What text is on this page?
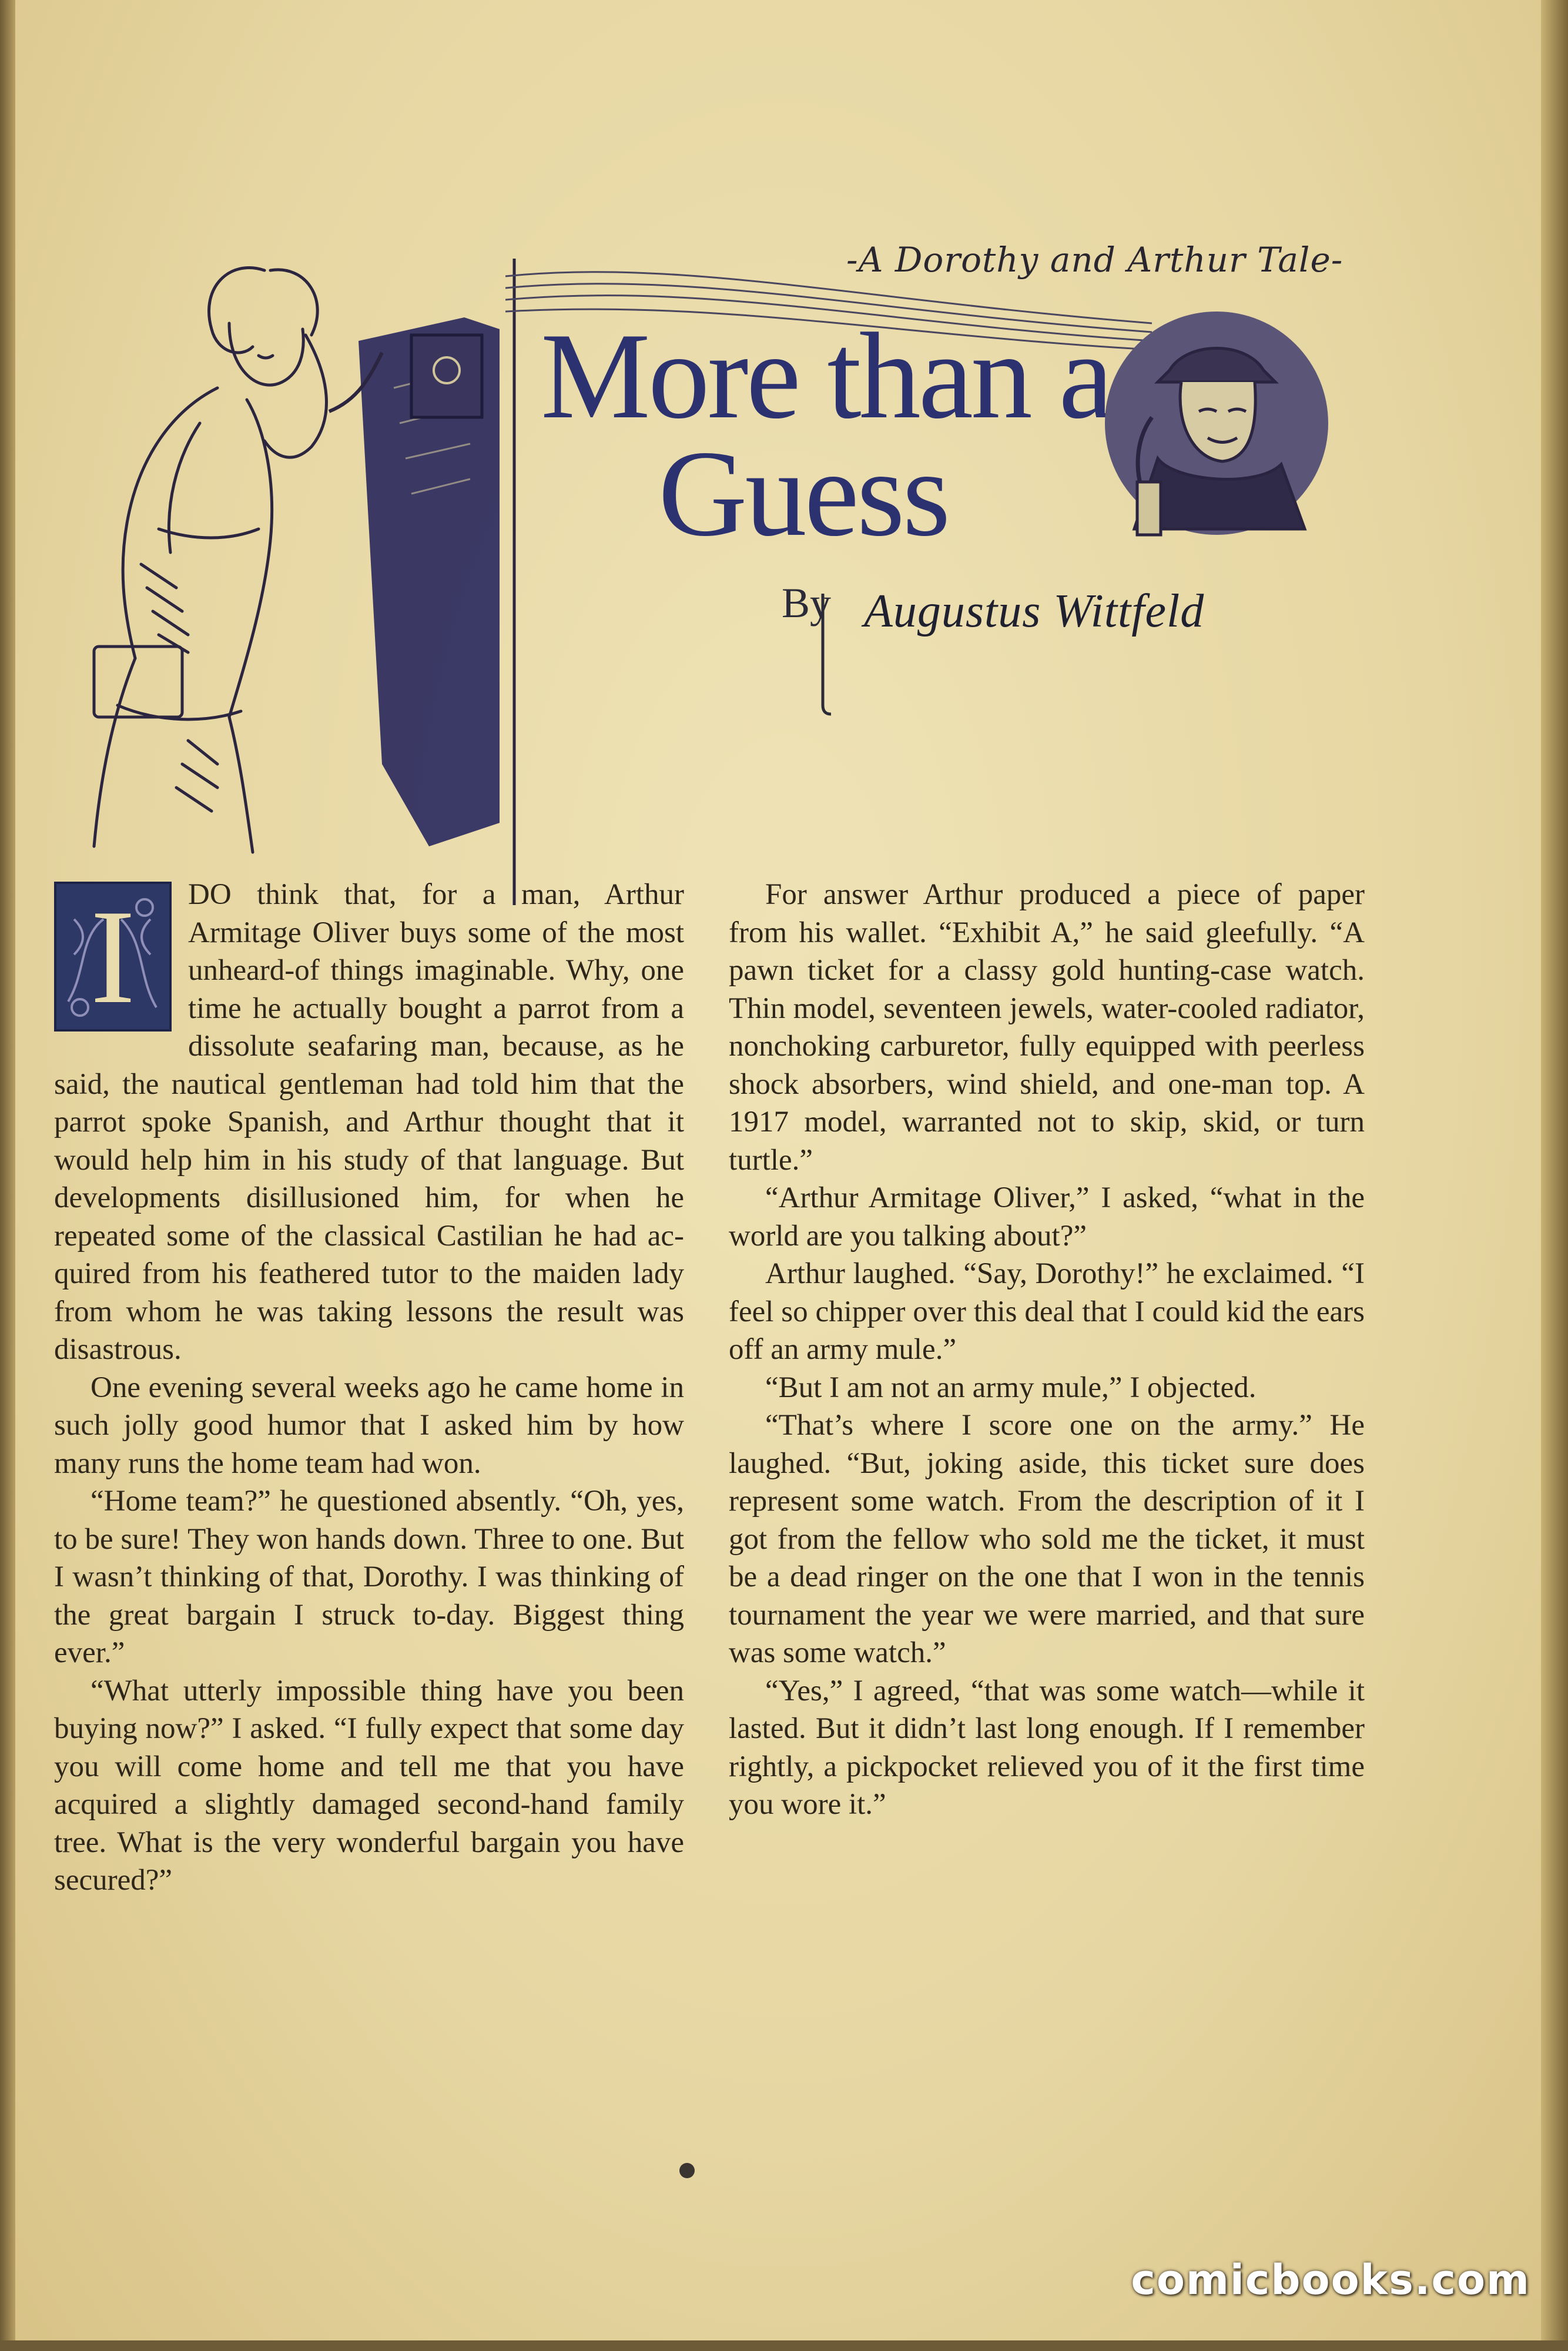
-A Dorothy and Arthur Tale-
More than a
Guess
By Augustus Wittfeld
I	DO think that, for a man, Arthur Armitage Oliver buys some of the most unheard-of things imaginable. Why, one time he actually bought a parrot from a dissolute seafaring man, because, as he said, the nautical gentleman had told him that the parrot spoke Spanish, and Arthur thought that it would help him in his study of that language. But developments disillusioned him, for when he repeated some of the classical Castilian he had acquired from his feathered tutor to the maiden lady from whom he was taking lessons the result was disastrous.

One evening several weeks ago he came home in such jolly good humor that I asked him by how many runs the home team had won.

“Home team?” he questioned absently. “Oh, yes, to be sure! They won hands down. Three to one. But I wasn’t thinking of that, Dorothy. I was thinking of the great bargain I struck to-day. Biggest thing ever.”

“What utterly impossible thing have you been buying now?” I asked. “I fully expect that some day you will come home and tell me that you have acquired a slightly damaged second-hand family tree. What is the very wonderful bargain you have secured?”

For answer Arthur produced a piece of paper from his wallet. “Exhibit A,” he said gleefully. “A pawn ticket for a classy gold hunting-case watch. Thin model, seventeen jewels, water-cooled radiator, nonchoking carburetor, fully equipped with peerless shock absorbers, wind shield, and one-man top. A 1917 model, warranted not to skip, skid, or turn turtle.”

“Arthur Armitage Oliver,” I asked, “what in the world are you talking about?”

Arthur laughed. “Say, Dorothy!” he exclaimed. “I feel so chipper over this deal that I could kid the ears off an army mule.”

“But I am not an army mule,” I objected.

“That’s where I score one on the army.” He laughed. “But, joking aside, this ticket sure does represent some watch. From the description of it I got from the fellow who sold me the ticket, it must be a dead ringer on the one that I won in the tennis tournament the year we were married, and that sure was some watch.”

“Yes,” I agreed, “that was some watch—while it lasted. But it didn’t last long enough. If I remember rightly, a pickpocket relieved you of it the first time you wore it.”

comicbooks.com
